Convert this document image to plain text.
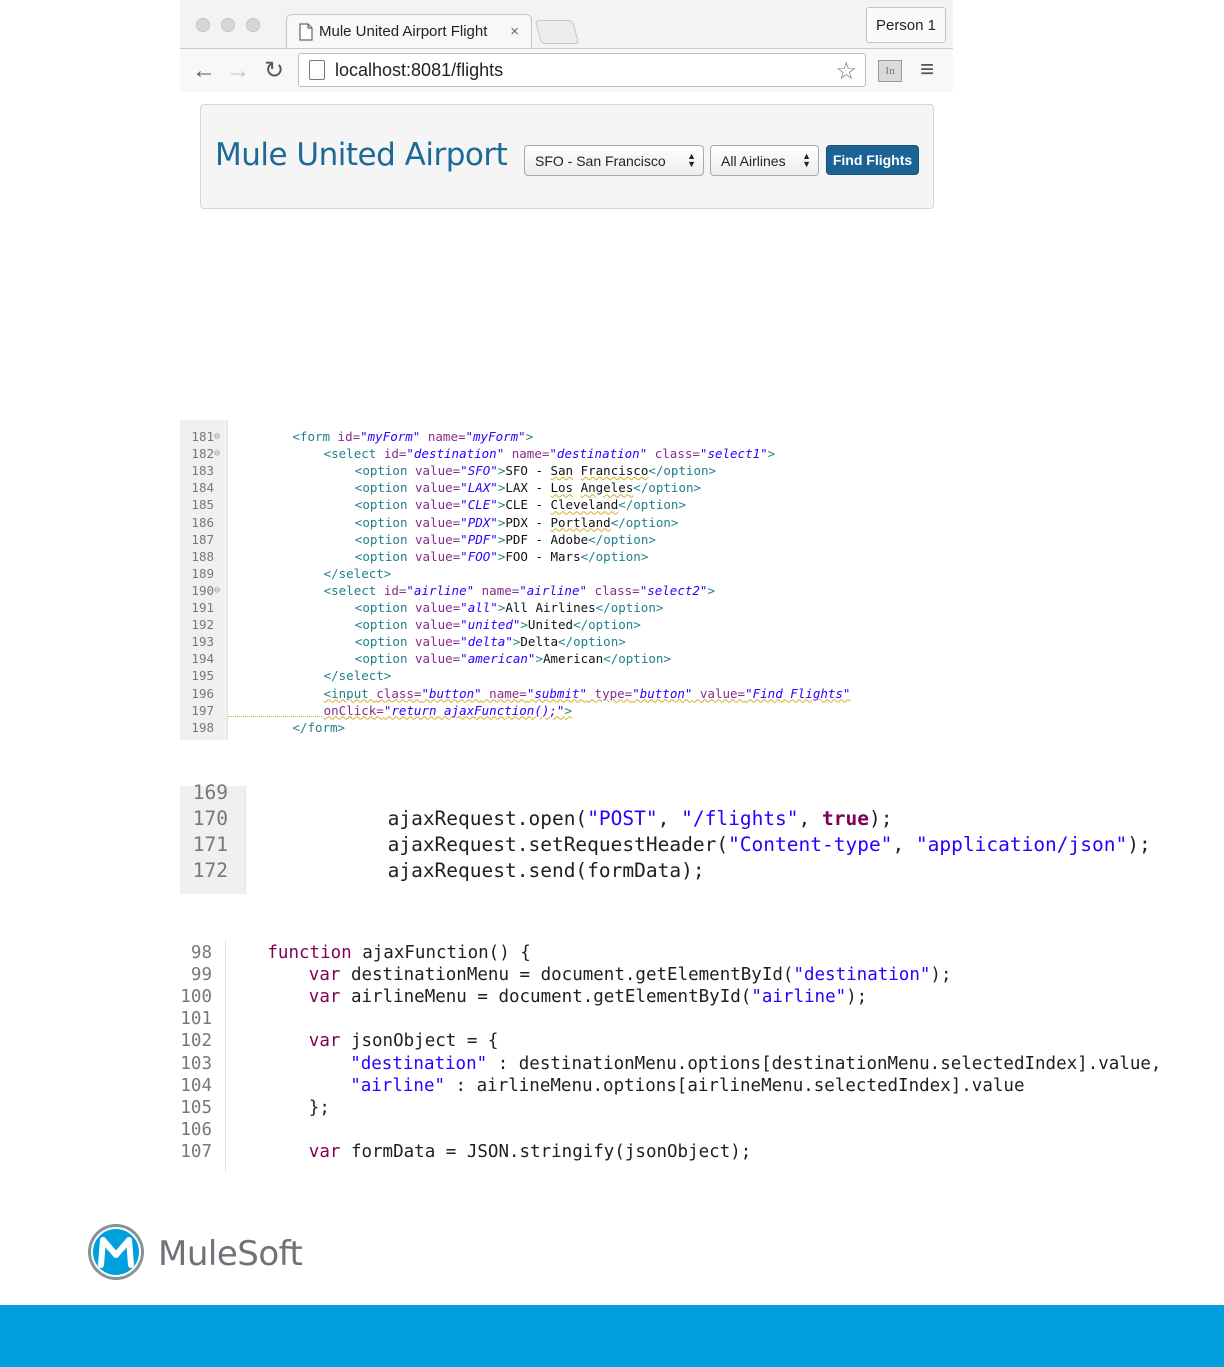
Mule United Airport Flight	×	Person 1
← → ↻	localhost:8081/flights	☆	In	≡
Mule United Airport SFO - San Francisco ▲
▼ All Airlines ▲
▼	Find Flights

181 ⊖	<form id="myForm" name="myForm">
182 ⊖	<select id="destination" name="destination" class="select1">
183	<option value="SFO">SFO - San Francisco</option>
184	<option value="LAX">LAX - Los Angeles</option>
185	<option value="CLE">CLE - Cleveland</option>
186	<option value="PDX">PDX - Portland</option>
187	<option value="PDF">PDF - Adobe</option>
188	<option value="FOO">FOO - Mars</option>
189	</select>
190 ⊖	<select id="airline" name="airline" class="select2">
191	<option value="all">All Airlines</option>
192	<option value="united">United</option>
193	<option value="delta">Delta</option>
194	<option value="american">American</option>
195	</select>
196	<input class="button" name="submit" type="button" value="Find Flights"
197	onClick="return ajaxFunction();">
198	</form>

169
170	ajaxRequest.open("POST", "/flights", true);
171	ajaxRequest.setRequestHeader("Content-type", "application/json");
172	ajaxRequest.send(formData);

98	function ajaxFunction() {
99	var destinationMenu = document.getElementById("destination");
100	var airlineMenu = document.getElementById("airline");
101
102	var jsonObject = {
103	"destination" : destinationMenu.options[destinationMenu.selectedIndex].value,
104	"airline" : airlineMenu.options[airlineMenu.selectedIndex].value
105	};
106
107	var formData = JSON.stringify(jsonObject);

MuleSoft
